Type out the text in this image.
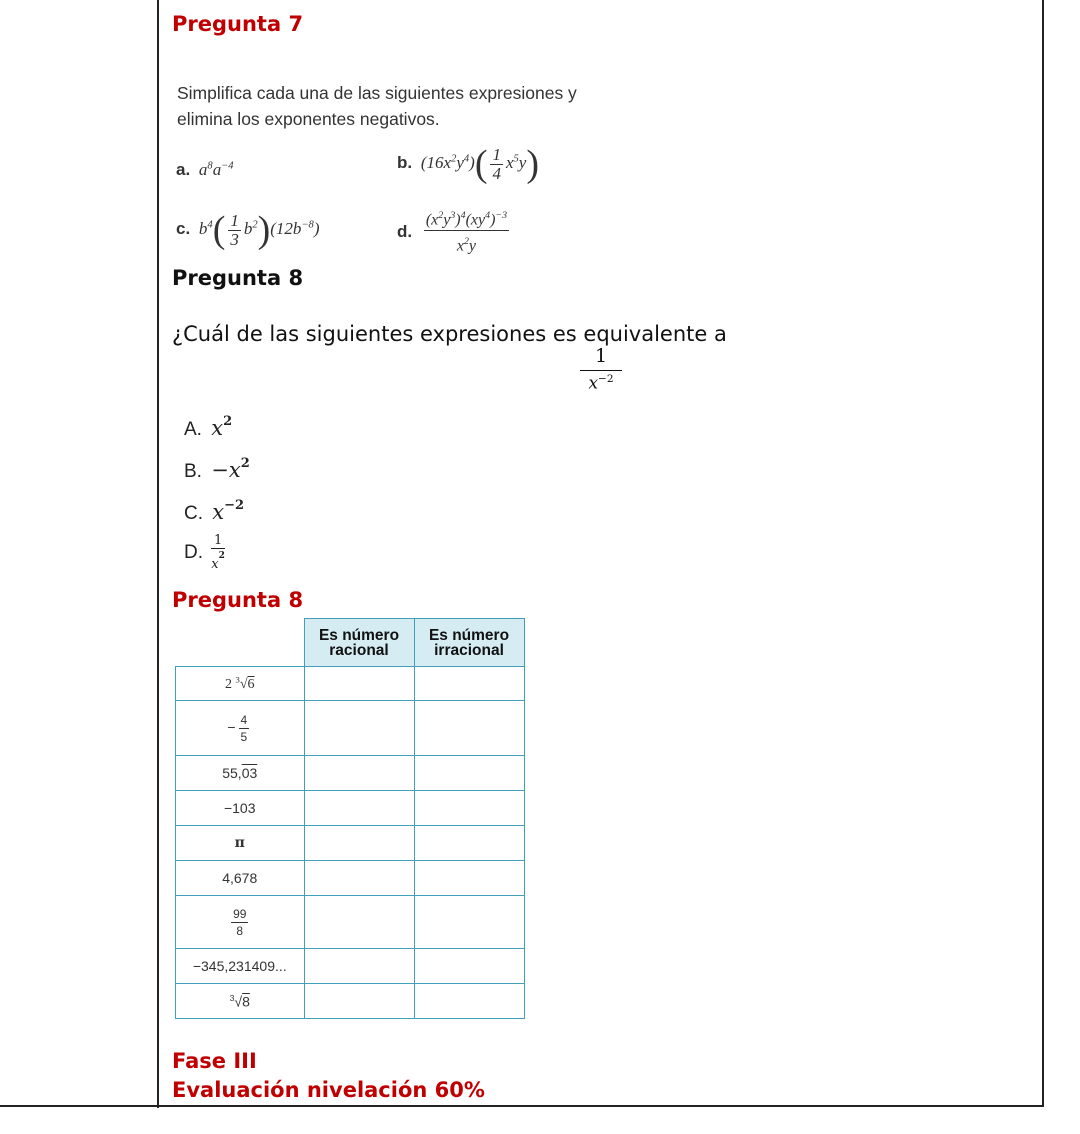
Pregunta 7
Simplifica cada una de las siguientes expresiones y elimina los exponentes negativos.
a. $a^8a^{-4}$	b. $(16x^2y^4)( \frac{1}{4} x^5y)$
c. $b^4( \frac{1}{3} b^2)(12b^{-8})$	d. $\frac{(x^2y^3)^4(xy^4)^{-3}}{x^2y}$
Pregunta 8
¿Cuál de las siguientes expresiones es equivalente a
$\frac{1}{x^{-2}}$
A. $x^2$
B. $-x^2$
C. $x^{-2}$
D. $\frac{1}{x^2}$
Pregunta 8
	Es número racional	Es número irracional
2 $^3$√6		
− $\frac{4}{5}$

55,03		
−103		
π		
4,678		

$\frac{99}{8}$

−345,231409...		
$^3$√8		
Fase III
Evaluación nivelación 60%
